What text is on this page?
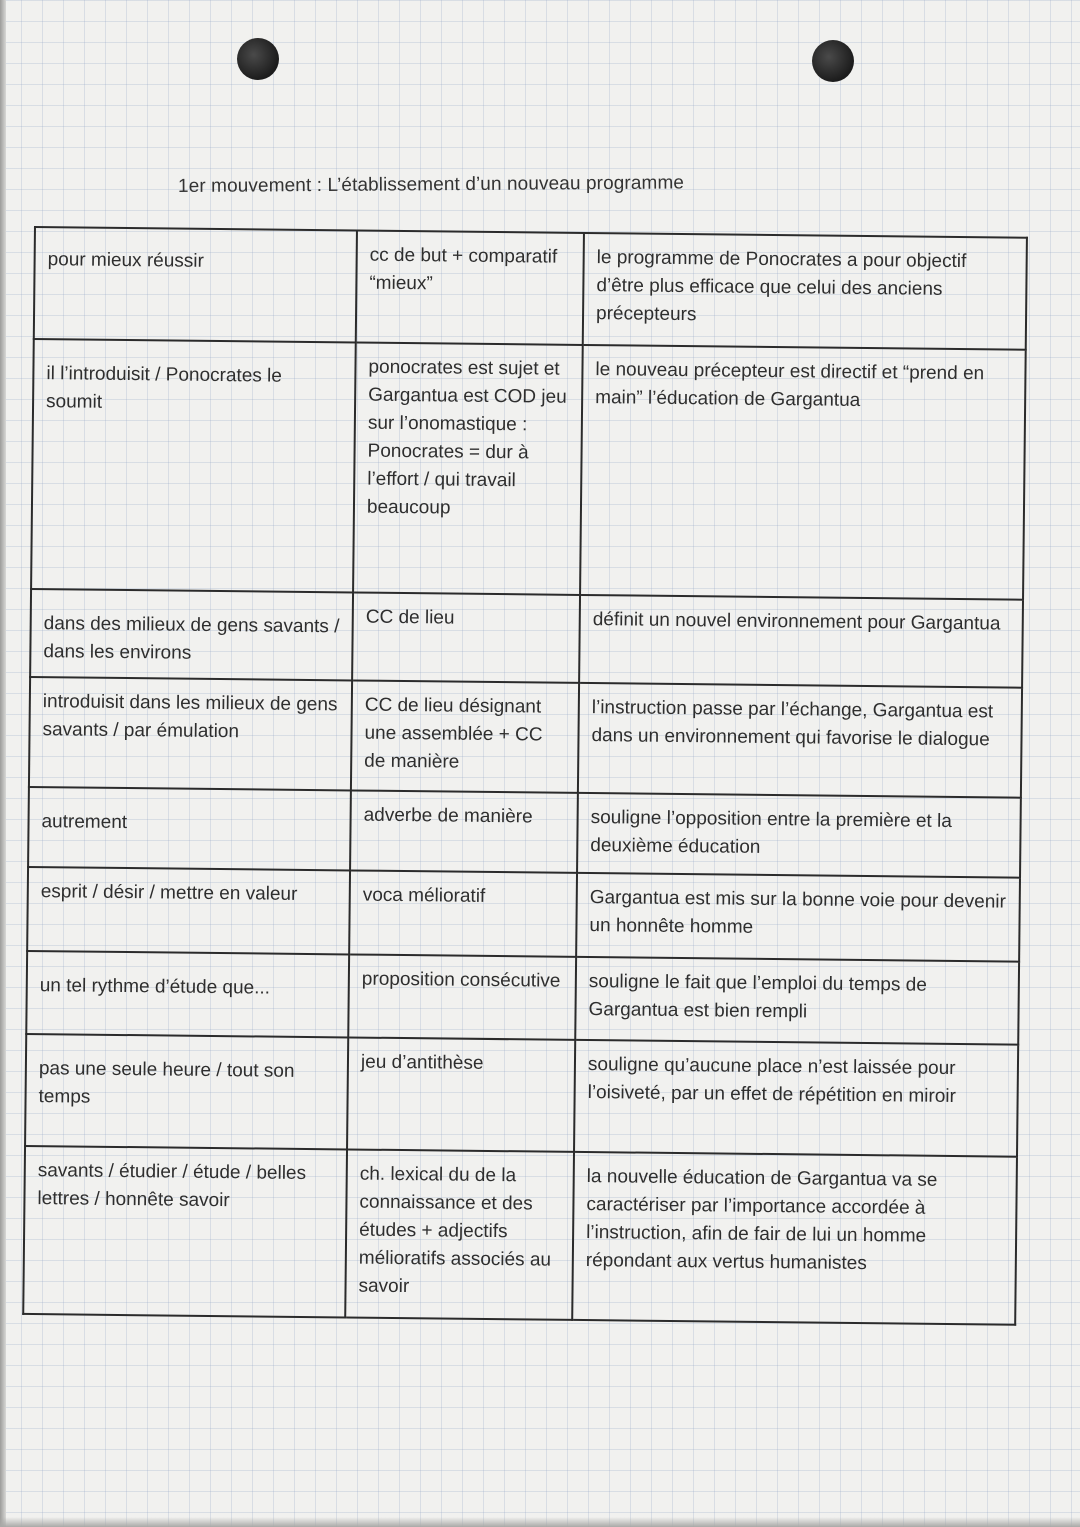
1er mouvement : L’établissement d’un nouveau programme
pour mieux réussir	cc de but + comparatif “mieux”	le programme de Ponocrates a pour objectif d’être plus efficace que celui des anciens précepteurs
il l’introduisit / Ponocrates le soumit	ponocrates est sujet et Gargantua est COD jeu sur l’onomastique : Ponocrates = dur à l’effort / qui travail beaucoup	le nouveau précepteur est directif et “prend en main” l’éducation de Gargantua
dans des milieux de gens savants / dans les environs	CC de lieu	définit un nouvel environnement pour Gargantua
introduisit dans les milieux de gens savants / par émulation	CC de lieu désignant une assemblée + CC de manière	l’instruction passe par l’échange, Gargantua est dans un environnement qui favorise le dialogue
autrement	adverbe de manière	souligne l’opposition entre la première et la deuxième éducation
esprit / désir / mettre en valeur	voca mélioratif	Gargantua est mis sur la bonne voie pour devenir un honnête homme
un tel rythme d’étude que...	proposition consécutive	souligne le fait que l’emploi du temps de Gargantua est bien rempli
pas une seule heure / tout son temps	jeu d’antithèse	souligne qu’aucune place n’est laissée pour l’oisiveté, par un effet de répétition en miroir
savants / étudier / étude / belles lettres / honnête savoir	ch. lexical du de la connaissance et des études + adjectifs mélioratifs associés au savoir	la nouvelle éducation de Gargantua va se caractériser par l’importance accordée à l’instruction, afin de fair de lui un homme répondant aux vertus humanistes
